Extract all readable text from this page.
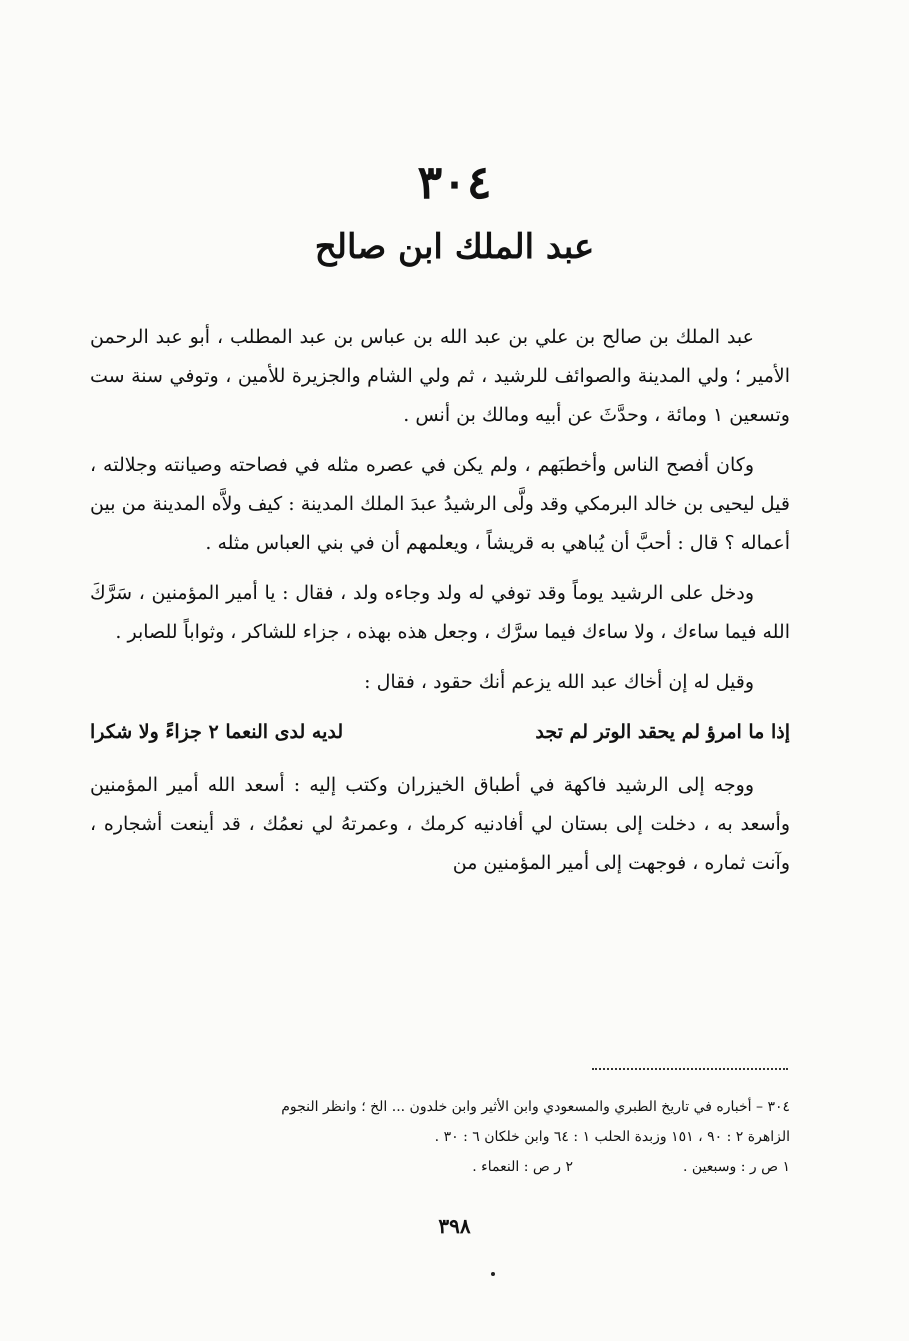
٣٠٤
عبد الملك ابن صالح

عبد الملك بن صالح بن علي بن عبد الله بن عباس بن عبد المطلب ، أبو عبد الرحمن الأمير ؛ ولي المدينة والصوائف للرشيد ، ثم ولي الشام والجزيرة للأمين ، وتوفي سنة ست وتسعين ١ ومائة ، وحدَّثَ عن أبيه ومالك بن أنس .

وكان أفصح الناس وأخطبَهم ، ولم يكن في عصره مثله في فصاحته وصيانته وجلالته ، قيل ليحيى بن خالد البرمكي وقد ولَّى الرشيدُ عبدَ الملك المدينة : كيف ولاَّه المدينة من بين أعماله ؟ قال : أحبَّ أن يُباهي به قريشاً ، ويعلمهم أن في بني العباس مثله .

ودخل على الرشيد يوماً وقد توفي له ولد وجاءه ولد ، فقال : يا أمير المؤمنين ، سَرَّكَ الله فيما ساءك ، ولا ساءك فيما سرَّك ، وجعل هذه بهذه ، جزاء للشاكر ، وثواباً للصابر .

وقيل له إن أخاك عبد الله يزعم أنك حقود ، فقال :

إذا ما امرؤ لم يحقد الوتر لم تجد
لديه لدى النعما ٢ جزاءً ولا شكرا

ووجه إلى الرشيد فاكهة في أطباق الخيزران وكتب إليه : أسعد الله أمير المؤمنين وأسعد به ، دخلت إلى بستان لي أفادنيه كرمك ، وعمرتهُ لي نعمُك ، قد أينعت أشجاره ، وآنت ثماره ، فوجهت إلى أمير المؤمنين من

٣٠٤ – أخباره في تاريخ الطبري والمسعودي وابن الأثير وابن خلدون ... الخ ؛ وانظر النجوم

الزاهرة ٢ : ٩٠ ، ١٥١ وزبدة الحلب ١ : ٦٤ وابن خلكان ٦ : ٣٠ .

١ ص ر : وسبعين .
٢ ر ص : النعماء .
٣٩٨
